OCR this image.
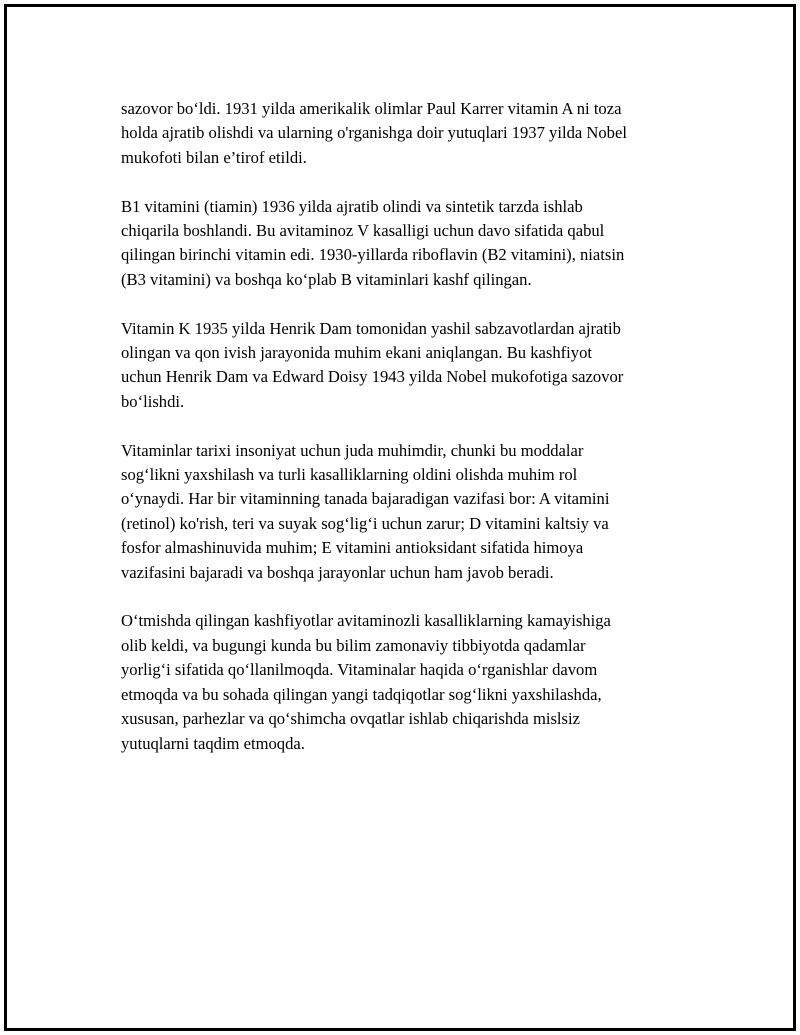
sazovor bo‘ldi. 1931 yilda amerikalik olimlar Paul Karrer vitamin A ni toza
holda ajratib olishdi va ularning o'rganishga doir yutuqlari 1937 yilda Nobel
mukofoti bilan e’tirof etildi.

B1 vitamini (tiamin) 1936 yilda ajratib olindi va sintetik tarzda ishlab
chiqarila boshlandi. Bu avitaminoz V kasalligi uchun davo sifatida qabul
qilingan birinchi vitamin edi. 1930-yillarda riboflavin (B2 vitamini), niatsin
(B3 vitamini) va boshqa ko‘plab B vitaminlari kashf qilingan.

Vitamin K 1935 yilda Henrik Dam tomonidan yashil sabzavotlardan ajratib
olingan va qon ivish jarayonida muhim ekani aniqlangan. Bu kashfiyot
uchun Henrik Dam va Edward Doisy 1943 yilda Nobel mukofotiga sazovor
bo‘lishdi.

Vitaminlar tarixi insoniyat uchun juda muhimdir, chunki bu moddalar
sog‘likni yaxshilash va turli kasalliklarning oldini olishda muhim rol
o‘ynaydi. Har bir vitaminning tanada bajaradigan vazifasi bor: A vitamini
(retinol) ko'rish, teri va suyak sog‘lig‘i uchun zarur; D vitamini kaltsiy va
fosfor almashinuvida muhim; E vitamini antioksidant sifatida himoya
vazifasini bajaradi va boshqa jarayonlar uchun ham javob beradi.

O‘tmishda qilingan kashfiyotlar avitaminozli kasalliklarning kamayishiga
olib keldi, va bugungi kunda bu bilim zamonaviy tibbiyotda qadamlar
yorlig‘i sifatida qo‘llanilmoqda. Vitaminalar haqida o‘rganishlar davom
etmoqda va bu sohada qilingan yangi tadqiqotlar sog‘likni yaxshilashda,
xususan, parhezlar va qo‘shimcha ovqatlar ishlab chiqarishda mislsiz
yutuqlarni taqdim etmoqda.
